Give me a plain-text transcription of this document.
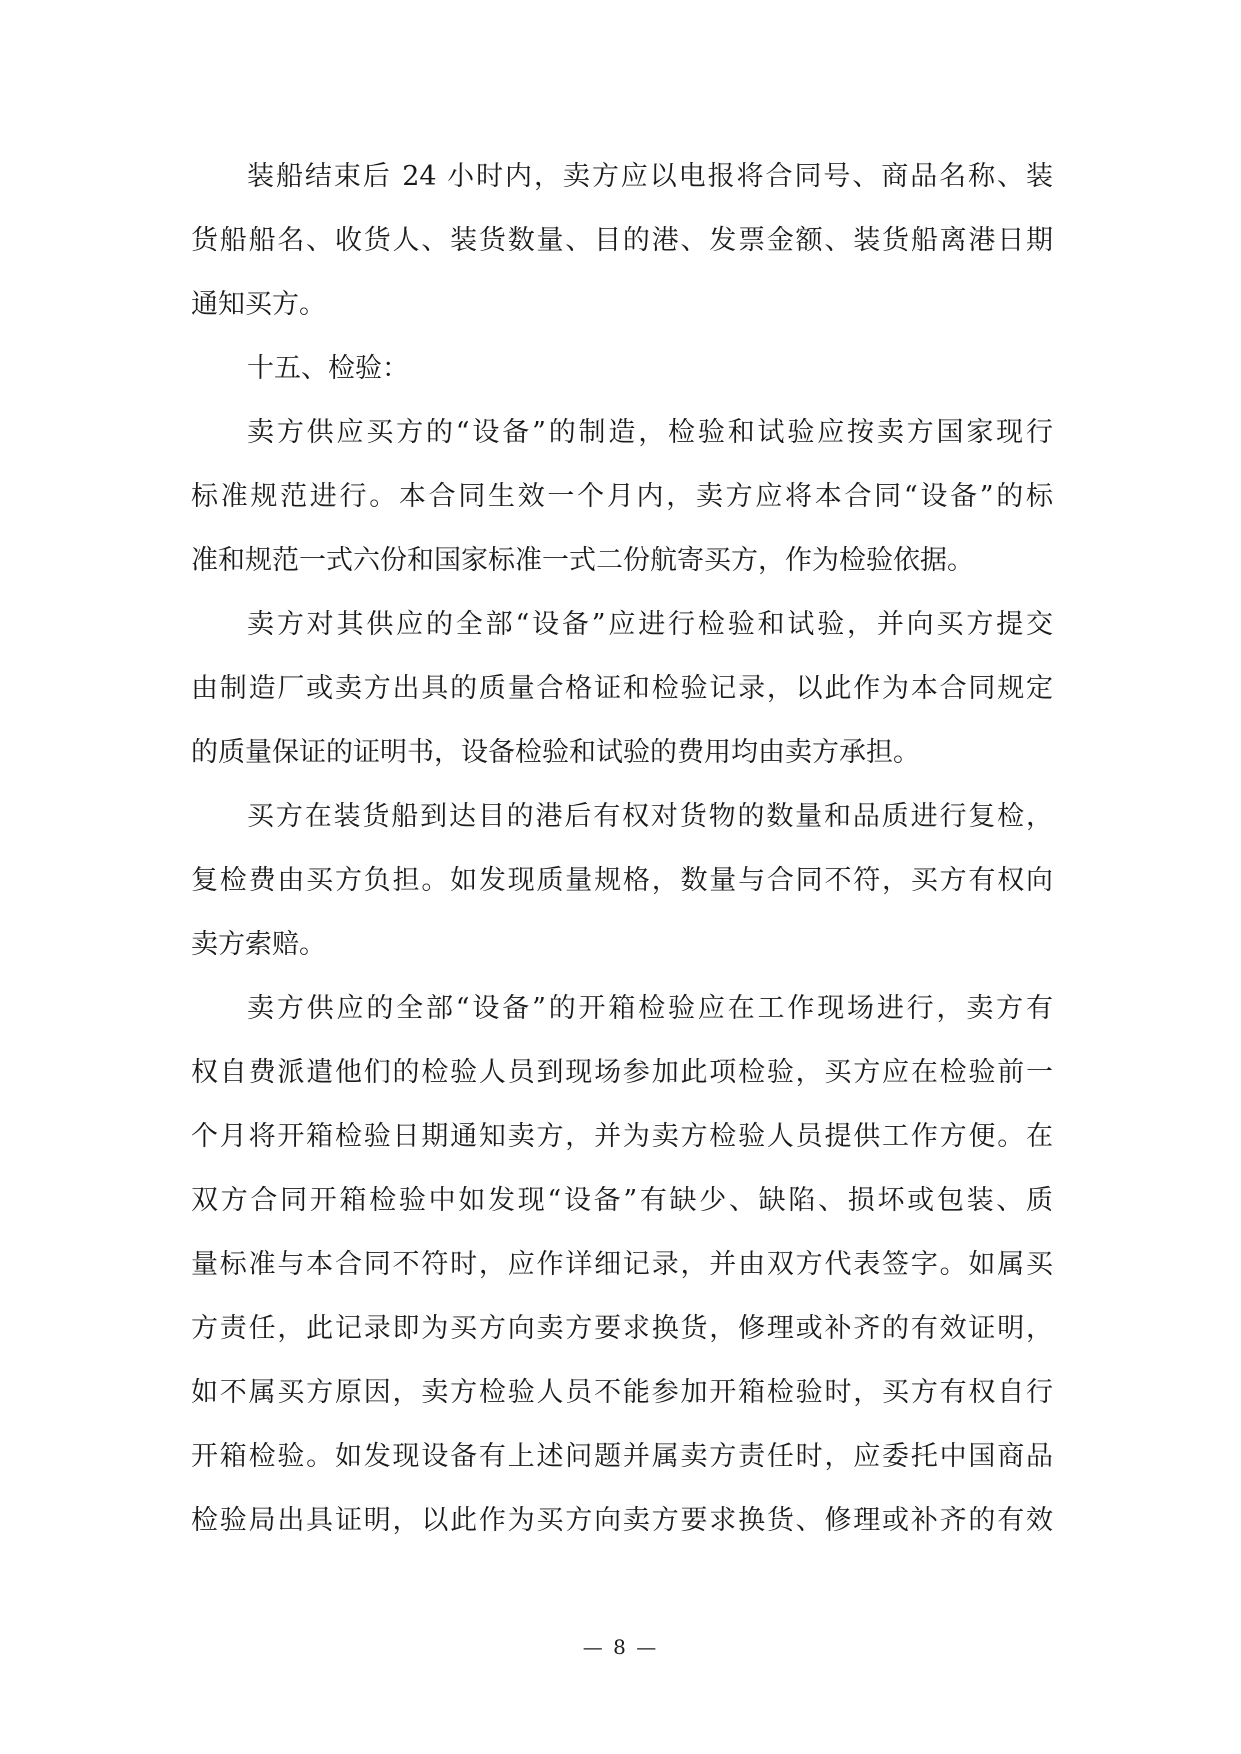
装船结束后 24 小时内，卖方应以电报将合同号、商品名称、装
货船船名、收货人、装货数量、目的港、发票金额、装货船离港日期
通知买方。
十五、检验：
卖方供应买方的“设备”的制造，检验和试验应按卖方国家现行
标准规范进行。本合同生效一个月内，卖方应将本合同“设备”的标
准和规范一式六份和国家标准一式二份航寄买方，作为检验依据。
卖方对其供应的全部“设备”应进行检验和试验，并向买方提交
由制造厂或卖方出具的质量合格证和检验记录，以此作为本合同规定
的质量保证的证明书，设备检验和试验的费用均由卖方承担。
买方在装货船到达目的港后有权对货物的数量和品质进行复检，
复检费由买方负担。如发现质量规格，数量与合同不符，买方有权向
卖方索赔。
卖方供应的全部“设备”的开箱检验应在工作现场进行，卖方有
权自费派遣他们的检验人员到现场参加此项检验，买方应在检验前一
个月将开箱检验日期通知卖方，并为卖方检验人员提供工作方便。在
双方合同开箱检验中如发现“设备”有缺少、缺陷、损坏或包装、质
量标准与本合同不符时，应作详细记录，并由双方代表签字。如属买
方责任，此记录即为买方向卖方要求换货，修理或补齐的有效证明，
如不属买方原因，卖方检验人员不能参加开箱检验时，买方有权自行
开箱检验。如发现设备有上述问题并属卖方责任时，应委托中国商品
检验局出具证明，以此作为买方向卖方要求换货、修理或补齐的有效
— 8 —
